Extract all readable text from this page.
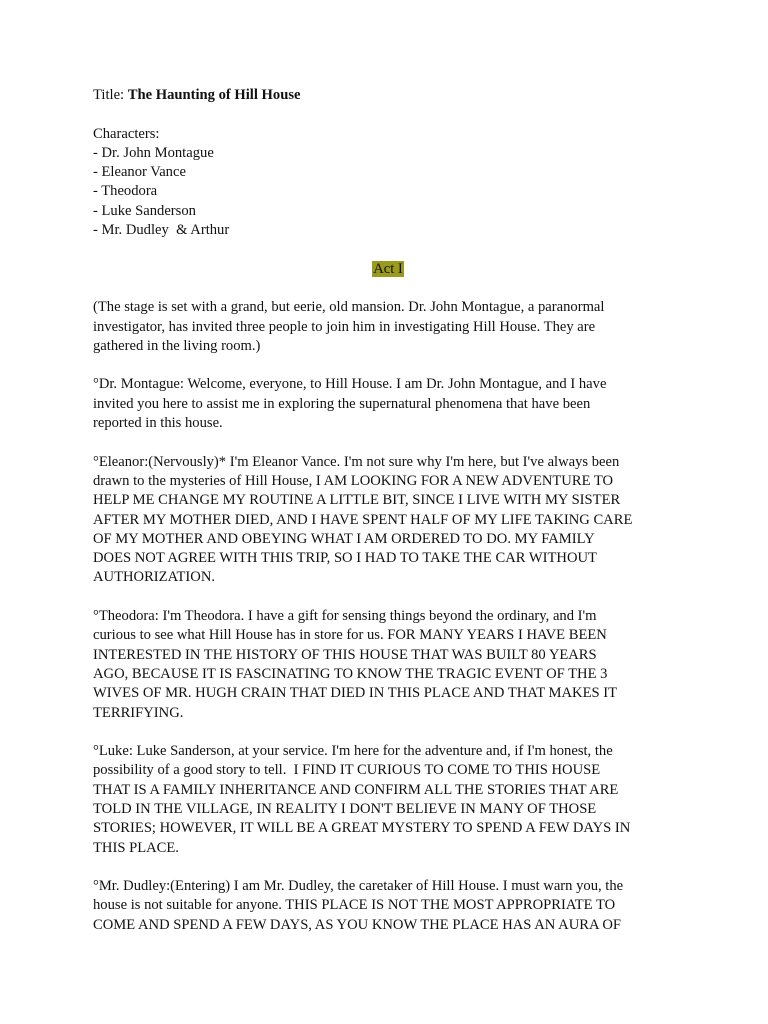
Title: The Haunting of Hill House
Characters:
- Dr. John Montague
- Eleanor Vance
- Theodora
- Luke Sanderson
- Mr. Dudley  & Arthur
Act I
(The stage is set with a grand, but eerie, old mansion. Dr. John Montague, a paranormal
investigator, has invited three people to join him in investigating Hill House. They are
gathered in the living room.)
°Dr. Montague: Welcome, everyone, to Hill House. I am Dr. John Montague, and I have
invited you here to assist me in exploring the supernatural phenomena that have been
reported in this house.
°Eleanor:(Nervously)* I'm Eleanor Vance. I'm not sure why I'm here, but I've always been
drawn to the mysteries of Hill House, I AM LOOKING FOR A NEW ADVENTURE TO
HELP ME CHANGE MY ROUTINE A LITTLE BIT, SINCE I LIVE WITH MY SISTER
AFTER MY MOTHER DIED, AND I HAVE SPENT HALF OF MY LIFE TAKING CARE
OF MY MOTHER AND OBEYING WHAT I AM ORDERED TO DO. MY FAMILY
DOES NOT AGREE WITH THIS TRIP, SO I HAD TO TAKE THE CAR WITHOUT
AUTHORIZATION.
°Theodora: I'm Theodora. I have a gift for sensing things beyond the ordinary, and I'm
curious to see what Hill House has in store for us. FOR MANY YEARS I HAVE BEEN
INTERESTED IN THE HISTORY OF THIS HOUSE THAT WAS BUILT 80 YEARS
AGO, BECAUSE IT IS FASCINATING TO KNOW THE TRAGIC EVENT OF THE 3
WIVES OF MR. HUGH CRAIN THAT DIED IN THIS PLACE AND THAT MAKES IT
TERRIFYING.
°Luke: Luke Sanderson, at your service. I'm here for the adventure and, if I'm honest, the
possibility of a good story to tell.  I FIND IT CURIOUS TO COME TO THIS HOUSE
THAT IS A FAMILY INHERITANCE AND CONFIRM ALL THE STORIES THAT ARE
TOLD IN THE VILLAGE, IN REALITY I DON'T BELIEVE IN MANY OF THOSE
STORIES; HOWEVER, IT WILL BE A GREAT MYSTERY TO SPEND A FEW DAYS IN
THIS PLACE.
°Mr. Dudley:(Entering) I am Mr. Dudley, the caretaker of Hill House. I must warn you, the
house is not suitable for anyone. THIS PLACE IS NOT THE MOST APPROPRIATE TO
COME AND SPEND A FEW DAYS, AS YOU KNOW THE PLACE HAS AN AURA OF
